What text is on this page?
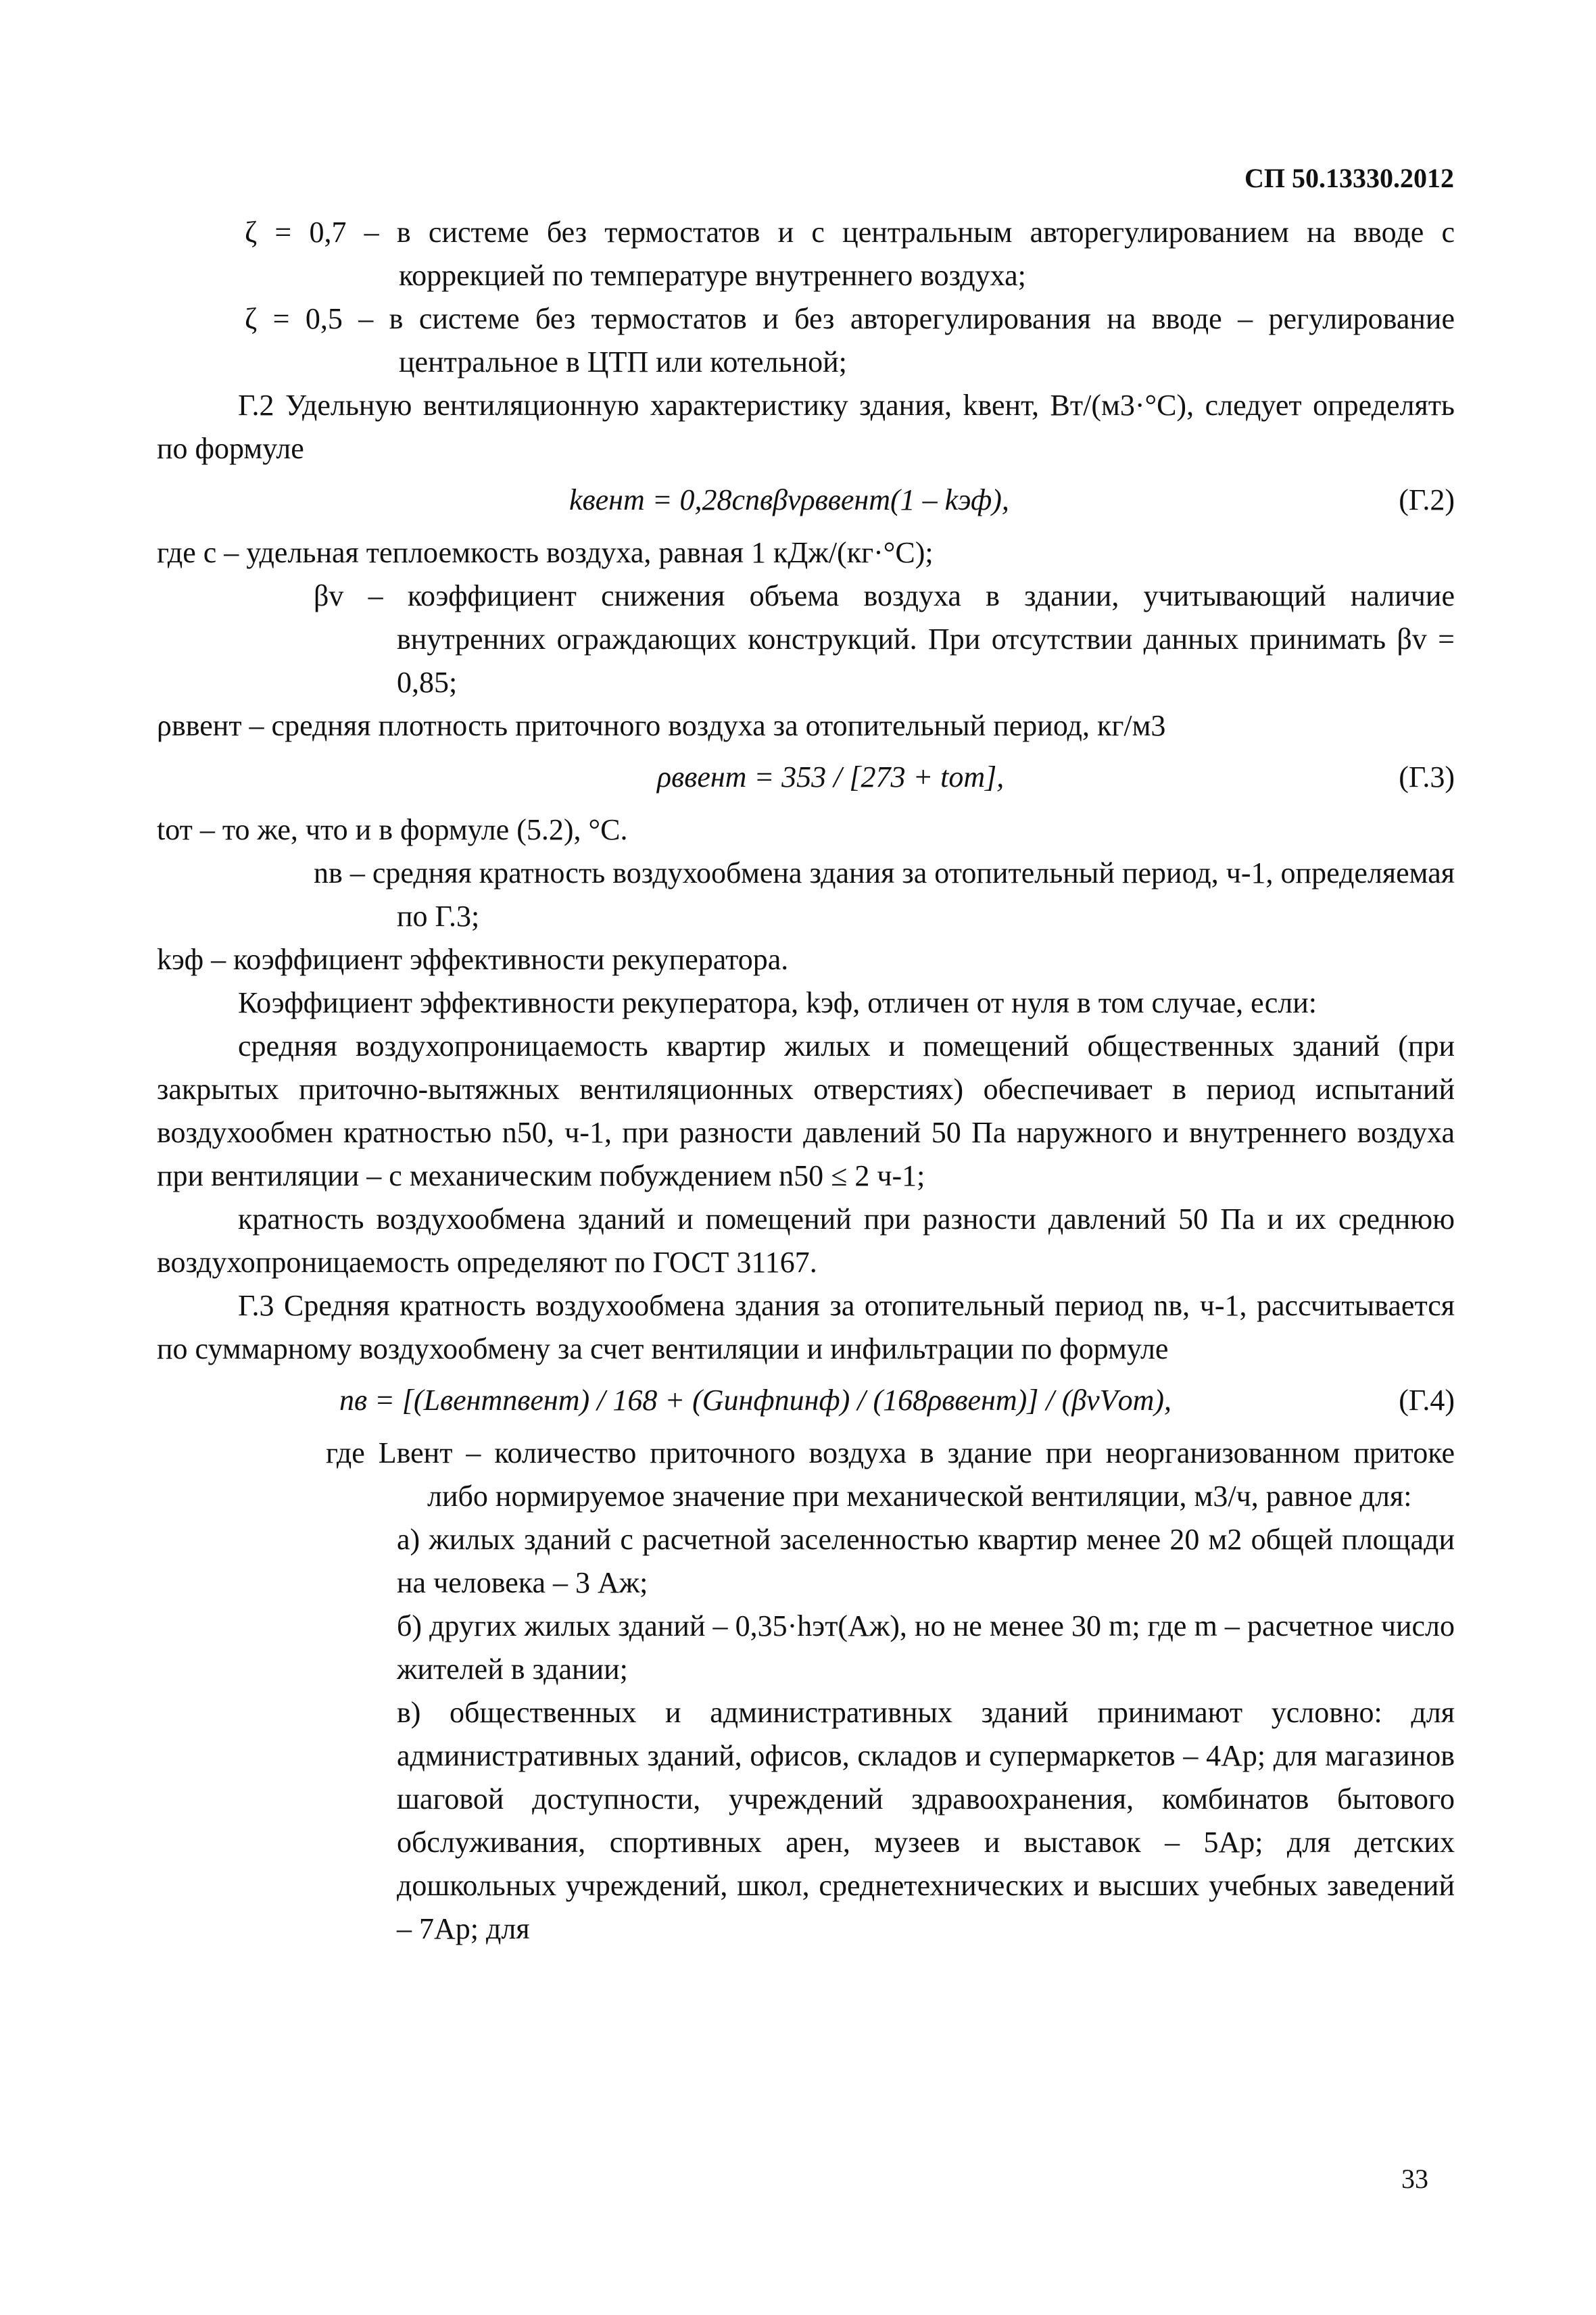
СП 50.13330.2012

ζ = 0,7 – в системе без термостатов и с центральным авторегулированием на вводе с коррекцией по температуре внутреннего воздуха;

ζ = 0,5 – в системе без термостатов и без авторегулирования на вводе – регулирование центральное в ЦТП или котельной;

Г.2 Удельную вентиляционную характеристику здания, kвент, Вт/(м3·°С), следует определять по формуле

kвент = 0,28cnвβvρввент(1 – kэф),	(Г.2)

где c – удельная теплоемкость воздуха, равная 1 кДж/(кг·°С);

βv – коэффициент снижения объема воздуха в здании, учитывающий наличие внутренних ограждающих конструкций. При отсутствии данных принимать βv = 0,85;

ρввент – средняя плотность приточного воздуха за отопительный период, кг/м3

ρввент = 353 / [273 + tот],	(Г.3)

tот – то же, что и в формуле (5.2), °С.

nв – средняя кратность воздухообмена здания за отопительный период, ч-1, определяемая по Г.3;

kэф – коэффициент эффективности рекуператора.

Коэффициент эффективности рекуператора, kэф, отличен от нуля в том случае, если:

средняя воздухопроницаемость квартир жилых и помещений общественных зданий (при закрытых приточно-вытяжных вентиляционных отверстиях) обеспечивает в период испытаний воздухообмен кратностью n50, ч-1, при разности давлений 50 Па наружного и внутреннего воздуха при вентиляции – с механическим побуждением n50 ≤ 2 ч-1;

кратность воздухообмена зданий и помещений при разности давлений 50 Па и их среднюю воздухопроницаемость определяют по ГОСТ 31167.

Г.3 Средняя кратность воздухообмена здания за отопительный период nв, ч-1, рассчитывается по суммарному воздухообмену за счет вентиляции и инфильтрации по формуле

nв = [(Lвентnвент) / 168 + (Gинфnинф) / (168ρввент)] / (βvVот),	(Г.4)

где Lвент – количество приточного воздуха в здание при неорганизованном притоке либо нормируемое значение при механической вентиляции, м3/ч, равное для:

а) жилых зданий с расчетной заселенностью квартир менее 20 м2 общей площади на человека – 3 Aж;

б) других жилых зданий – 0,35·hэт(Aж), но не менее 30 m; где m – расчетное число жителей в здании;

в) общественных и административных зданий принимают условно: для административных зданий, офисов, складов и супермаркетов – 4Ap; для магазинов шаговой доступности, учреждений здравоохранения, комбинатов бытового обслуживания, спортивных арен, музеев и выставок – 5Ap; для детских дошкольных учреждений, школ, среднетехнических и высших учебных заведений – 7Ap; для

33
